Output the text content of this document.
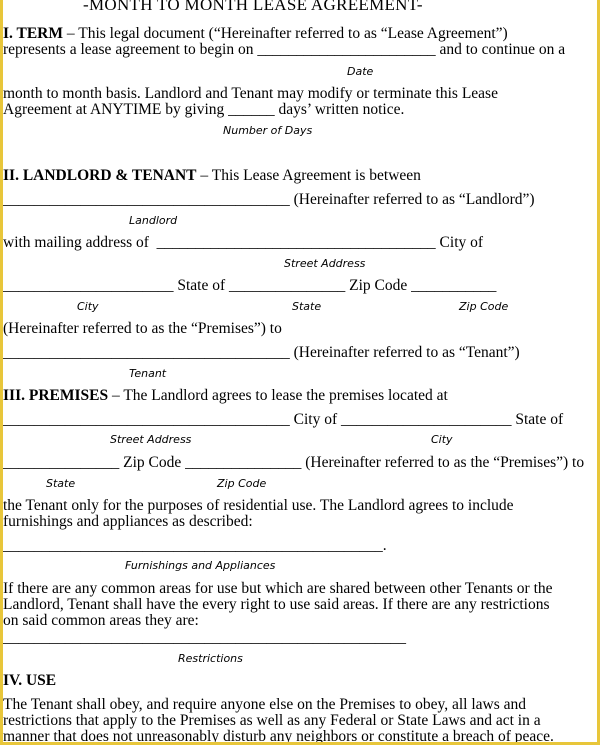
-MONTH TO MONTH LEASE AGREEMENT-
I. TERM – This legal document (“Hereinafter referred to as “Lease Agreement”)
represents a lease agreement to begin on _______________________ and to continue on a
Date
month to month basis. Landlord and Tenant may modify or terminate this Lease
Agreement at ANYTIME by giving ______ days’ written notice.
Number of Days
II. LANDLORD & TENANT – This Lease Agreement is between
_____________________________________ (Hereinafter referred to as “Landlord”)
Landlord
with mailing address of  ____________________________________ City of
Street Address
______________________ State of _______________ Zip Code ___________
City	State	Zip Code
(Hereinafter referred to as the “Premises”) to
_____________________________________ (Hereinafter referred to as “Tenant”)
Tenant
III. PREMISES – The Landlord agrees to lease the premises located at
_____________________________________ City of ______________________ State of
Street Address	City
_______________ Zip Code _______________ (Hereinafter referred to as the “Premises”) to
State	Zip Code
the Tenant only for the purposes of residential use. The Landlord agrees to include
furnishings and appliances as described:
_________________________________________________.
Furnishings and Appliances
If there are any common areas for use but which are shared between other Tenants or the
Landlord, Tenant shall have the every right to use said areas. If there are any restrictions
on said common areas they are:
____________________________________________________
Restrictions
IV. USE
The Tenant shall obey, and require anyone else on the Premises to obey, all laws and
restrictions that apply to the Premises as well as any Federal or State Laws and act in a
manner that does not unreasonably disturb any neighbors or constitute a breach of peace.
